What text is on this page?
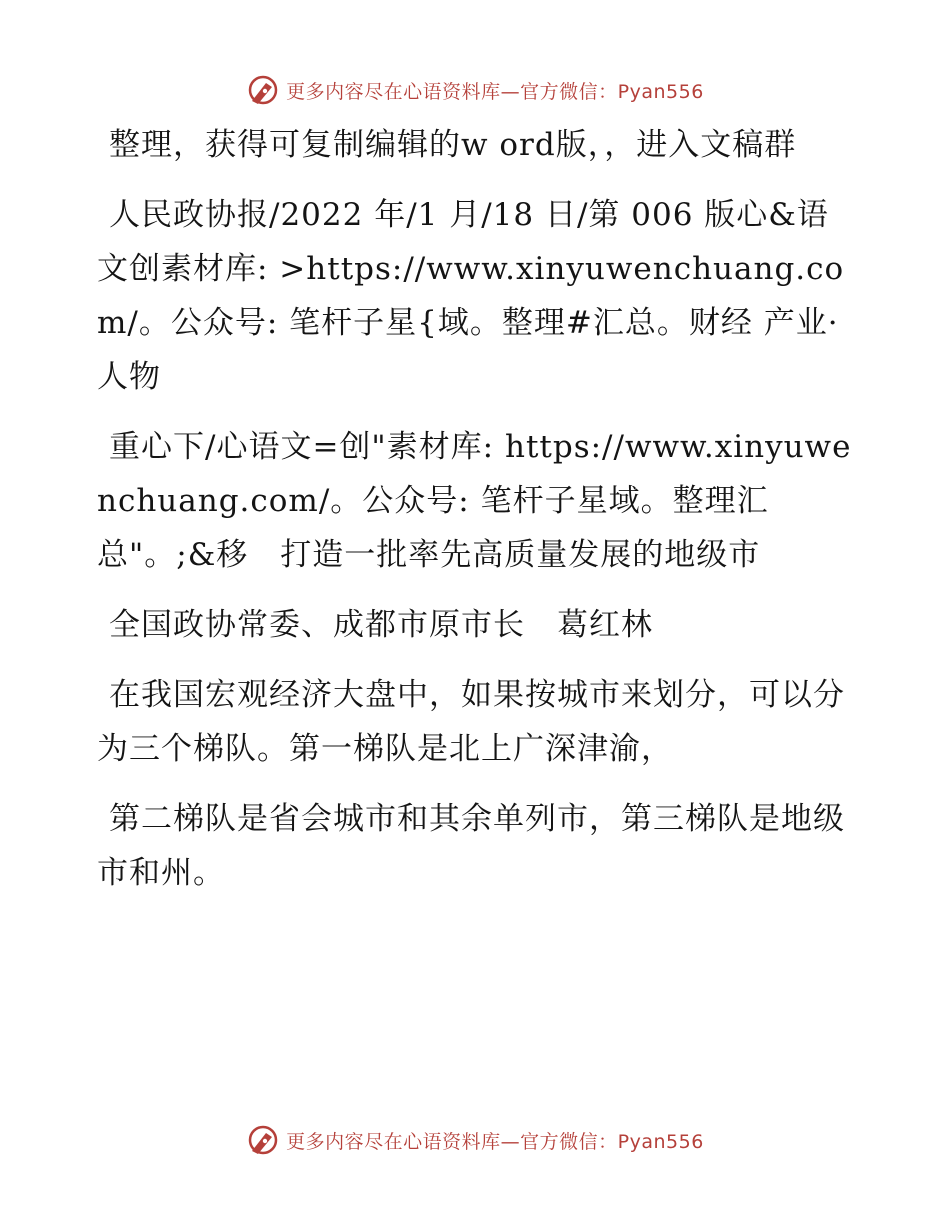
更多内容尽在心语资料库—官方微信：Pyan556

整理，获得可复制编辑的w ord版，，进入文稿群

人民政协报/2022 年/1 月/18 日/第 006 版心&语文创素材库: >https://www.xinyuwenchuang.com/。公众号: 笔杆子星{域。整理#汇总。财经 产业· 人物

重心下/心语文=创"素材库: https://www.xinyuwenchuang.com/。公众号: 笔杆子星域。整理汇总"。;&移　打造一批率先高质量发展的地级市

全国政协常委、成都市原市长　葛红林

在我国宏观经济大盘中，如果按城市来划分，可以分为三个梯队。第一梯队是北上广深津渝，

第二梯队是省会城市和其余单列市，第三梯队是地级市和州。

更多内容尽在心语资料库—官方微信：Pyan556
